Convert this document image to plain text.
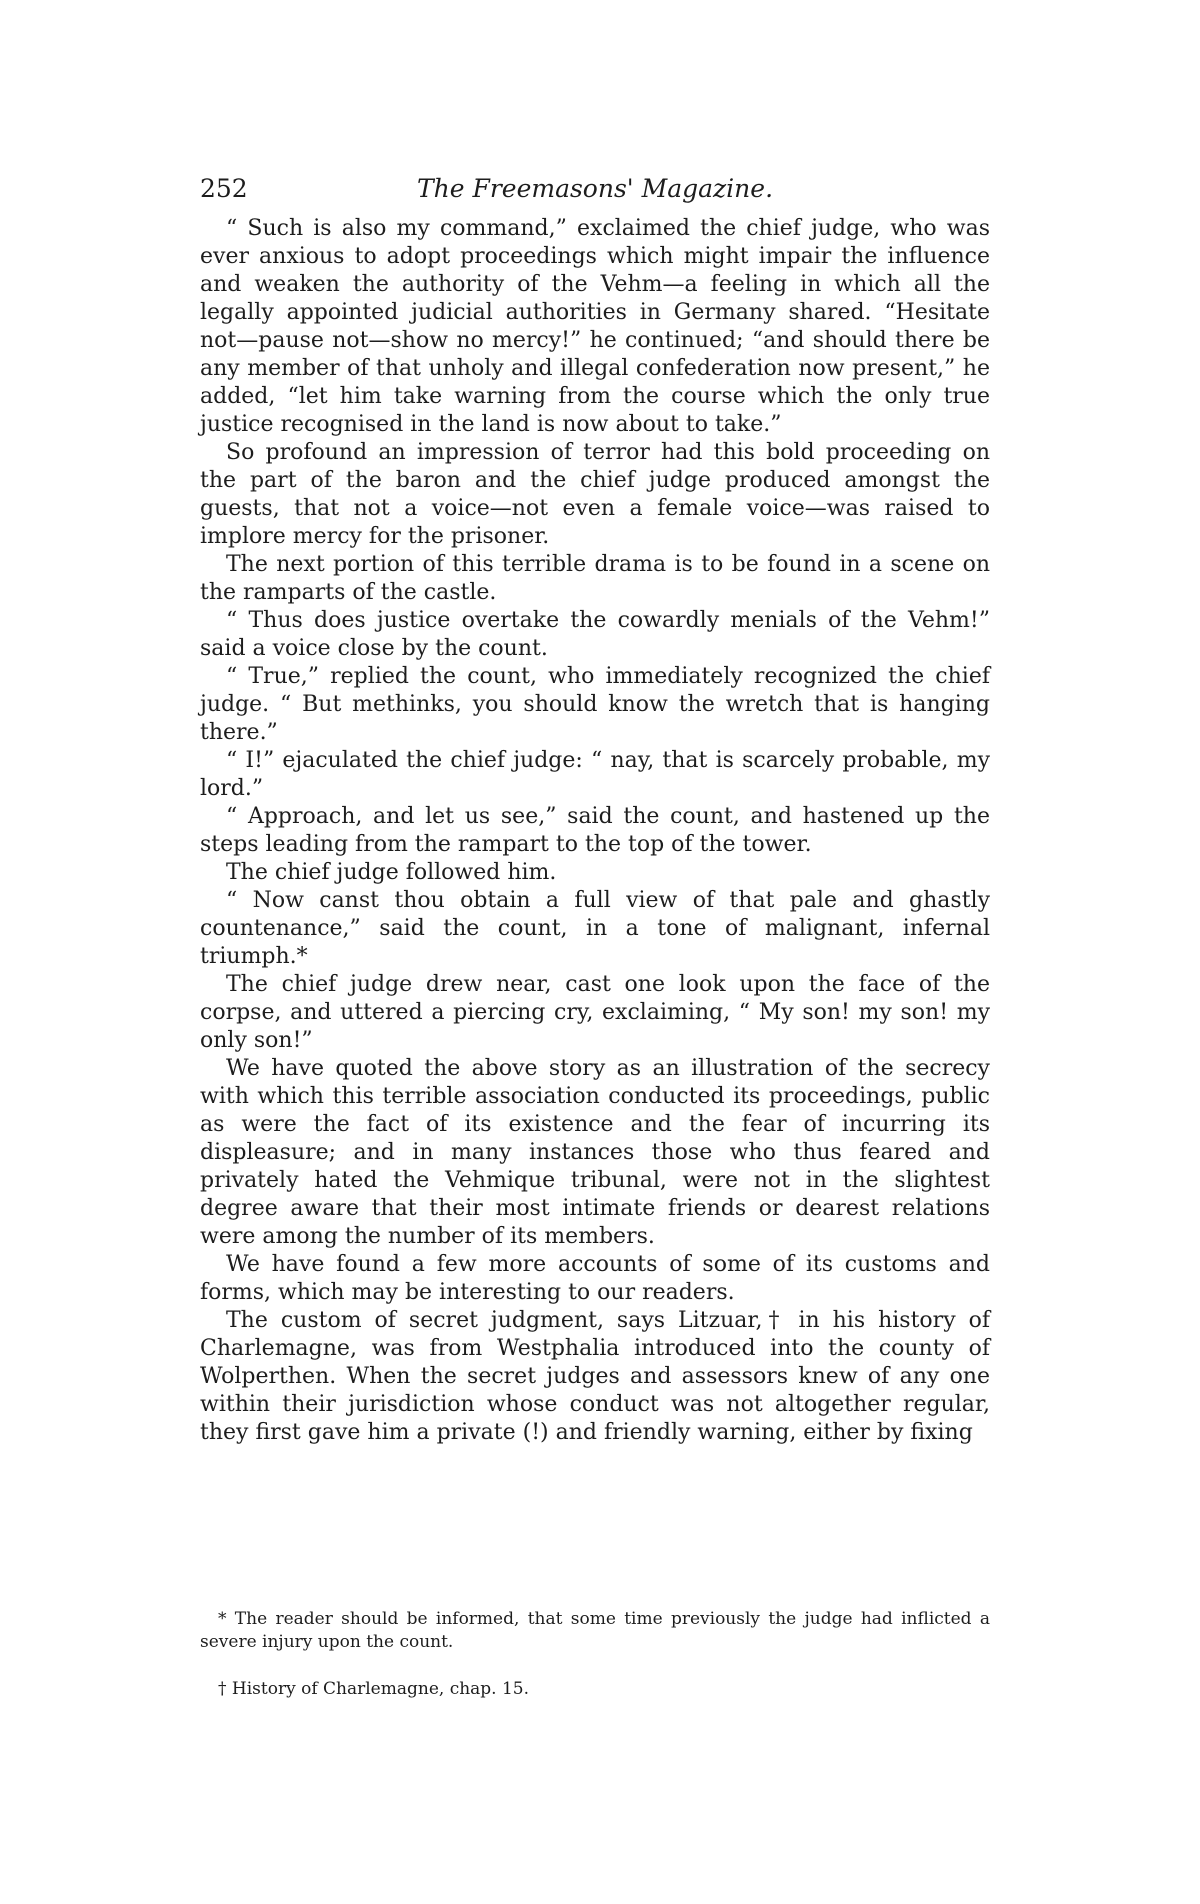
252	The Freemasons' Magazine.

“ Such is also my command,” exclaimed the chief judge, who was ever anxious to adopt proceedings which might impair the influence and weaken the authority of the Vehm—a feeling in which all the legally appointed judicial authorities in Germany shared. “Hesitate not—pause not—show no mercy!” he continued; “and should there be any member of that unholy and illegal confederation now present,” he added, “let him take warning from the course which the only true justice recognised in the land is now about to take.”

So profound an impression of terror had this bold proceeding on the part of the baron and the chief judge produced amongst the guests, that not a voice—not even a female voice—was raised to implore mercy for the prisoner.

The next portion of this terrible drama is to be found in a scene on the ramparts of the castle.

“ Thus does justice overtake the cowardly menials of the Vehm!” said a voice close by the count.

“ True,” replied the count, who immediately recognized the chief judge. “ But methinks, you should know the wretch that is hanging there.”

“ I!” ejaculated the chief judge: “ nay, that is scarcely probable, my lord.”

“ Approach, and let us see,” said the count, and hastened up the steps leading from the rampart to the top of the tower.

The chief judge followed him.

“ Now canst thou obtain a full view of that pale and ghastly countenance,” said the count, in a tone of malignant, infernal triumph.*

The chief judge drew near, cast one look upon the face of the corpse, and uttered a piercing cry, exclaiming, “ My son! my son! my only son!”

We have quoted the above story as an illustration of the secrecy with which this terrible association conducted its proceedings, public as were the fact of its existence and the fear of incurring its displeasure; and in many instances those who thus feared and privately hated the Vehmique tribunal, were not in the slightest degree aware that their most intimate friends or dearest relations were among the number of its members.

We have found a few more accounts of some of its customs and forms, which may be interesting to our readers.

The custom of secret judgment, says Litzuar,† in his history of Charlemagne, was from Westphalia introduced into the county of Wolperthen. When the secret judges and assessors knew of any one within their jurisdiction whose conduct was not altogether regular, they first gave him a private (!) and friendly warning, either by fixing

* The reader should be informed, that some time previously the judge had inflicted a severe injury upon the count.

† History of Charlemagne, chap. 15.
